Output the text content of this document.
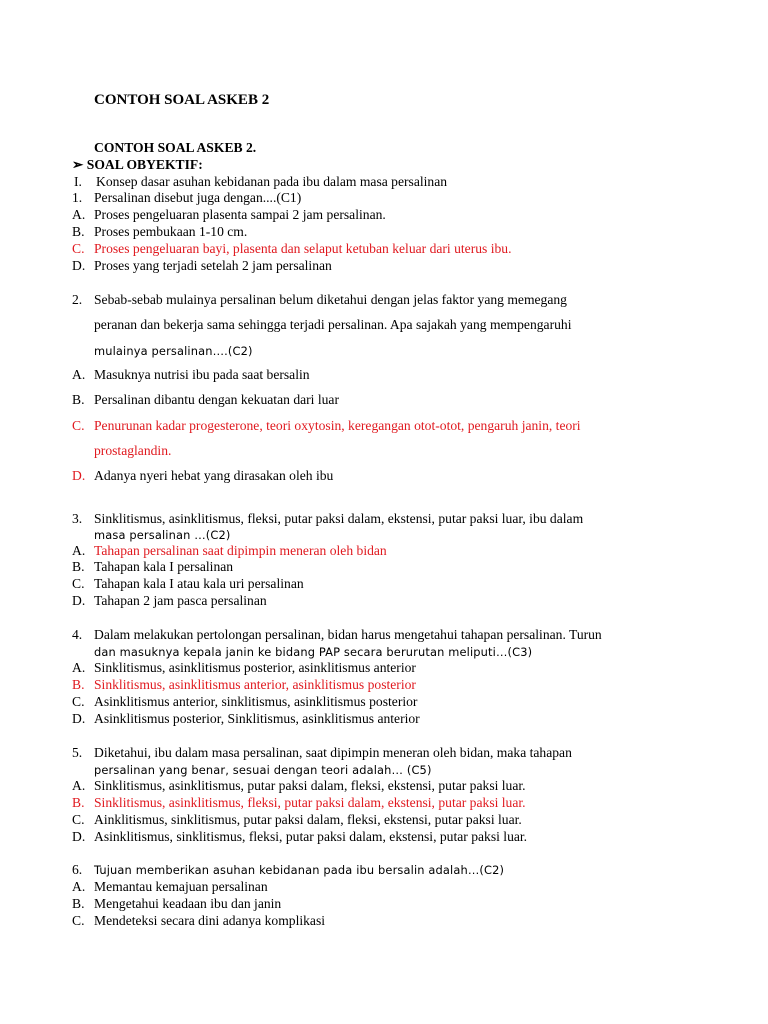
CONTOH SOAL ASKEB 2
CONTOH SOAL ASKEB 2.
➢ SOAL OBYEKTIF:
I. Konsep dasar asuhan kebidanan pada ibu dalam masa persalinan
1. Persalinan disebut juga dengan....(C1)
A. Proses pengeluaran plasenta sampai 2 jam persalinan.
B. Proses pembukaan 1-10 cm.
C. Proses pengeluaran bayi, plasenta dan selaput ketuban keluar dari uterus ibu.
D. Proses yang terjadi setelah 2 jam persalinan
2. Sebab-sebab mulainya persalinan belum diketahui dengan jelas faktor yang memegang
peranan dan bekerja sama sehingga terjadi persalinan. Apa sajakah yang mempengaruhi
mulainya persalinan….(C2)
A. Masuknya nutrisi ibu pada saat bersalin
B. Persalinan dibantu dengan kekuatan dari luar
C. Penurunan kadar progesterone, teori oxytosin, keregangan otot-otot, pengaruh janin, teori
prostaglandin.
D. Adanya nyeri hebat yang dirasakan oleh ibu
3. Sinklitismus, asinklitismus, fleksi, putar paksi dalam, ekstensi, putar paksi luar, ibu dalam
masa persalinan …(C2)
A. Tahapan persalinan saat dipimpin meneran oleh bidan
B. Tahapan kala I persalinan
C. Tahapan kala I atau kala uri persalinan
D. Tahapan 2 jam pasca persalinan
4. Dalam melakukan pertolongan persalinan, bidan harus mengetahui tahapan persalinan. Turun
dan masuknya kepala janin ke bidang PAP secara berurutan meliputi…(C3)
A. Sinklitismus, asinklitismus posterior, asinklitismus anterior
B. Sinklitismus, asinklitismus anterior, asinklitismus posterior
C. Asinklitismus anterior, sinklitismus, asinklitismus posterior
D. Asinklitismus posterior, Sinklitismus, asinklitismus anterior
5. Diketahui, ibu dalam masa persalinan, saat dipimpin meneran oleh bidan, maka tahapan
persalinan yang benar, sesuai dengan teori adalah… (C5)
A. Sinklitismus, asinklitismus, putar paksi dalam, fleksi, ekstensi, putar paksi luar.
B. Sinklitismus, asinklitismus, fleksi, putar paksi dalam, ekstensi, putar paksi luar.
C. Ainklitismus, sinklitismus, putar paksi dalam, fleksi, ekstensi, putar paksi luar.
D. Asinklitismus, sinklitismus, fleksi, putar paksi dalam, ekstensi, putar paksi luar.
6. Tujuan memberikan asuhan kebidanan pada ibu bersalin adalah…(C2)
A. Memantau kemajuan persalinan
B. Mengetahui keadaan ibu dan janin
C. Mendeteksi secara dini adanya komplikasi
